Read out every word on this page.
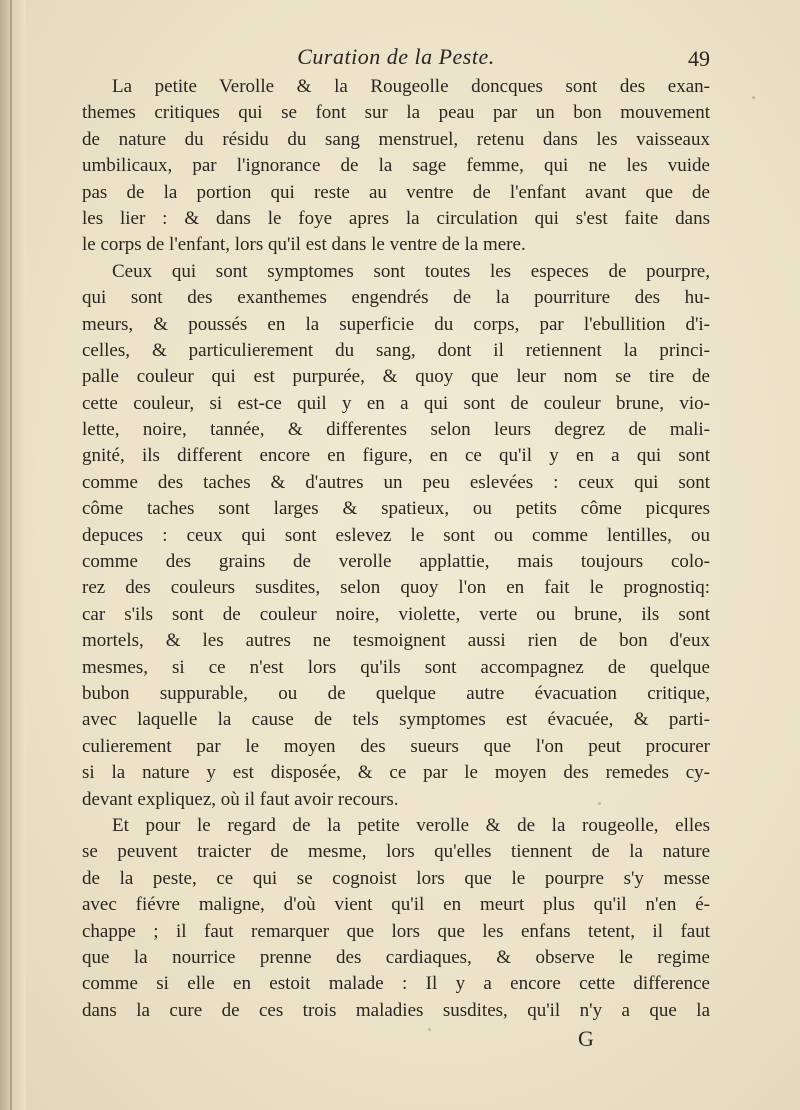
Curation de la Peste.	49
La petite Verolle & la Rougeolle doncques sont des exan-
themes critiques qui se font sur la peau par un bon mouvement
de nature du résidu du sang menstruel, retenu dans les vaisseaux
umbilicaux, par l'ignorance de la sage femme, qui ne les vuide
pas de la portion qui reste au ventre de l'enfant avant que de
les lier : & dans le foye apres la circulation qui s'est faite dans
le corps de l'enfant, lors qu'il est dans le ventre de la mere.
Ceux qui sont symptomes sont toutes les especes de pourpre,
qui sont des exanthemes engendrés de la pourriture des hu-
meurs, & poussés en la superficie du corps, par l'ebullition d'i-
celles, & particulierement du sang, dont il retiennent la princi-
palle couleur qui est purpurée, & quoy que leur nom se tire de
cette couleur, si est-ce quil y en a qui sont de couleur brune, vio-
lette, noire, tannée, & differentes selon leurs degrez de mali-
gnité, ils different encore en figure, en ce qu'il y en a qui sont
comme des taches & d'autres un peu eslevées : ceux qui sont
côme taches sont larges & spatieux, ou petits côme picqures
depuces : ceux qui sont eslevez le sont ou comme lentilles, ou
comme des grains de verolle applattie, mais toujours colo-
rez des couleurs susdites, selon quoy l'on en fait le prognostiq:
car s'ils sont de couleur noire, violette, verte ou brune, ils sont
mortels, & les autres ne tesmoignent aussi rien de bon d'eux
mesmes, si ce n'est lors qu'ils sont accompagnez de quelque
bubon suppurable, ou de quelque autre évacuation critique,
avec laquelle la cause de tels symptomes est évacuée, & parti-
culierement par le moyen des sueurs que l'on peut procurer
si la nature y est disposée, & ce par le moyen des remedes cy-
devant expliquez, où il faut avoir recours.
Et pour le regard de la petite verolle & de la rougeolle, elles
se peuvent traicter de mesme, lors qu'elles tiennent de la nature
de la peste, ce qui se cognoist lors que le pourpre s'y messe
avec fiévre maligne, d'où vient qu'il en meurt plus qu'il n'en é-
chappe ; il faut remarquer que lors que les enfans tetent, il faut
que la nourrice prenne des cardiaques, & observe le regime
comme si elle en estoit malade : Il y a encore cette difference
dans la cure de ces trois maladies susdites, qu'il n'y a que la
G
